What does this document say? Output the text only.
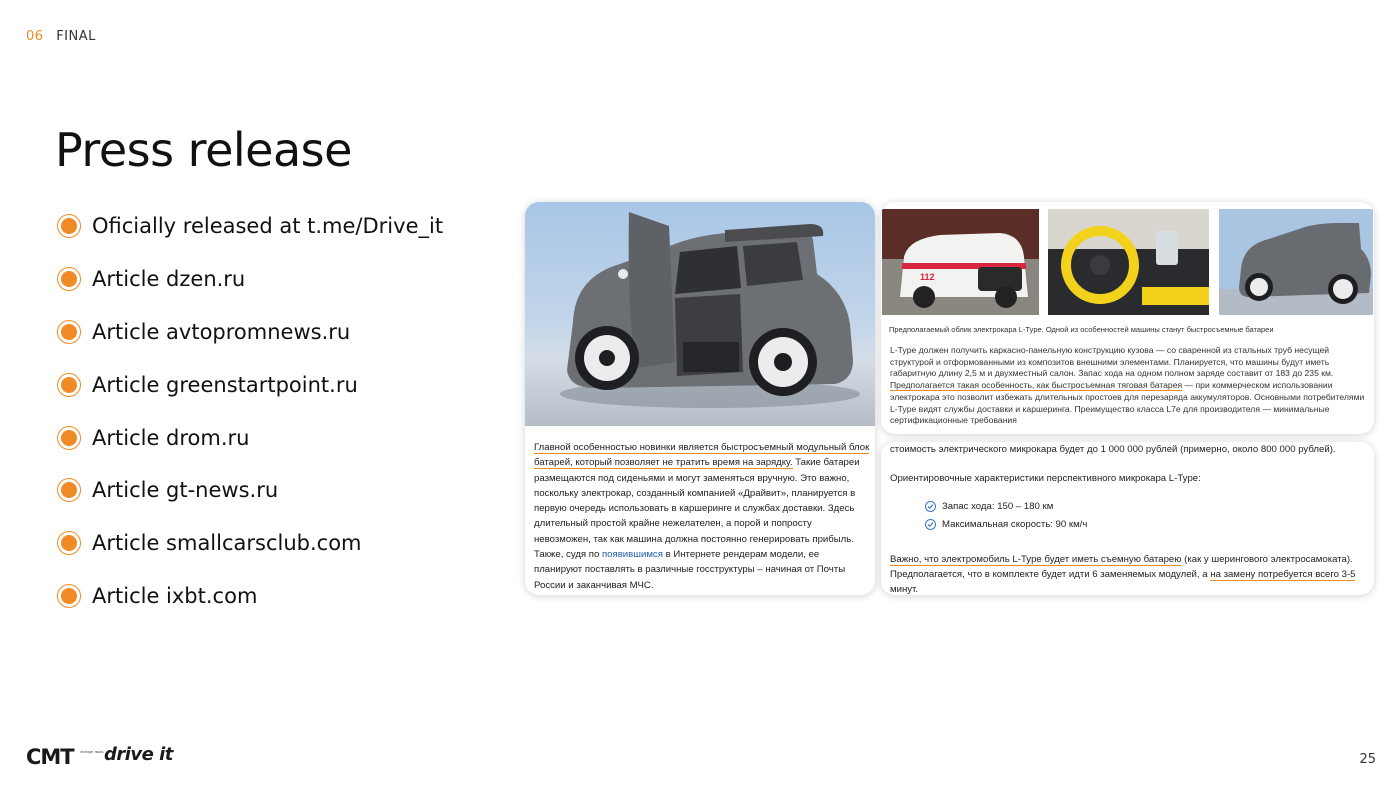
06 FINAL
Press release
Oficially released at t.me/Drive_it
Article dzen.ru
Article avtopromnews.ru
Article greenstartpoint.ru
Article drom.ru
Article gt-news.ru
Article smallcarsclub.com
Article ixbt.com

Главной особенностью новинки является быстросъемный модульный блок батарей, который позволяет не тратить время на зарядку. Такие батареи размещаются под сиденьями и могут заменяться вручную. Это важно, поскольку электрокар, созданный компанией «Драйвит», планируется в первую очередь использовать в каршеринге и службах доставки. Здесь длительный простой крайне нежелателен, а порой и попросту невозможен, так как машина должна постоянно генерировать прибыль. Также, судя по появившимся в Интернете рендерам модели, ее планируют поставлять в различные госструктуры – начиная от Почты России и заканчивая МЧС.

112

Предполагаемый облик электрокара L-Type. Одной из особенностей машины станут быстросъемные батареи

L-Type должен получить каркасно-панельную конструкцию кузова — со сваренной из стальных труб несущей структурой и отформованными из композитов внешними элементами. Планируется, что машины будут иметь габаритную длину 2,5 м и двухместный салон. Запас хода на одном полном заряде составит от 183 до 235 км. Предполагается такая особенность, как быстросъемная тяговая батарея — при коммерческом использовании электрокара это позволит избежать длительных простоев для перезаряда аккумуляторов. Основными потребителями L-Type видят службы доставки и каршеринга. Преимущество класса L7e для производителя — минимальные сертификационные требования

стоимость электрического микрокара будет до 1 000 000 рублей (примерно, около 800 000 рублей).

Ориентировочные характеристики перспективного микрокара L-Type:

Запас хода: 150 – 180 км
Максимальная скорость: 90 км/ч

Важно, что электромобиль L-Type будет иметь съемную батарею (как у шерингового электросамоката). Предполагается, что в комплекте будет идти 6 заменяемых модулей, а на замену потребуется всего 3-5 минут.

CMT	change mobi drive it	25
